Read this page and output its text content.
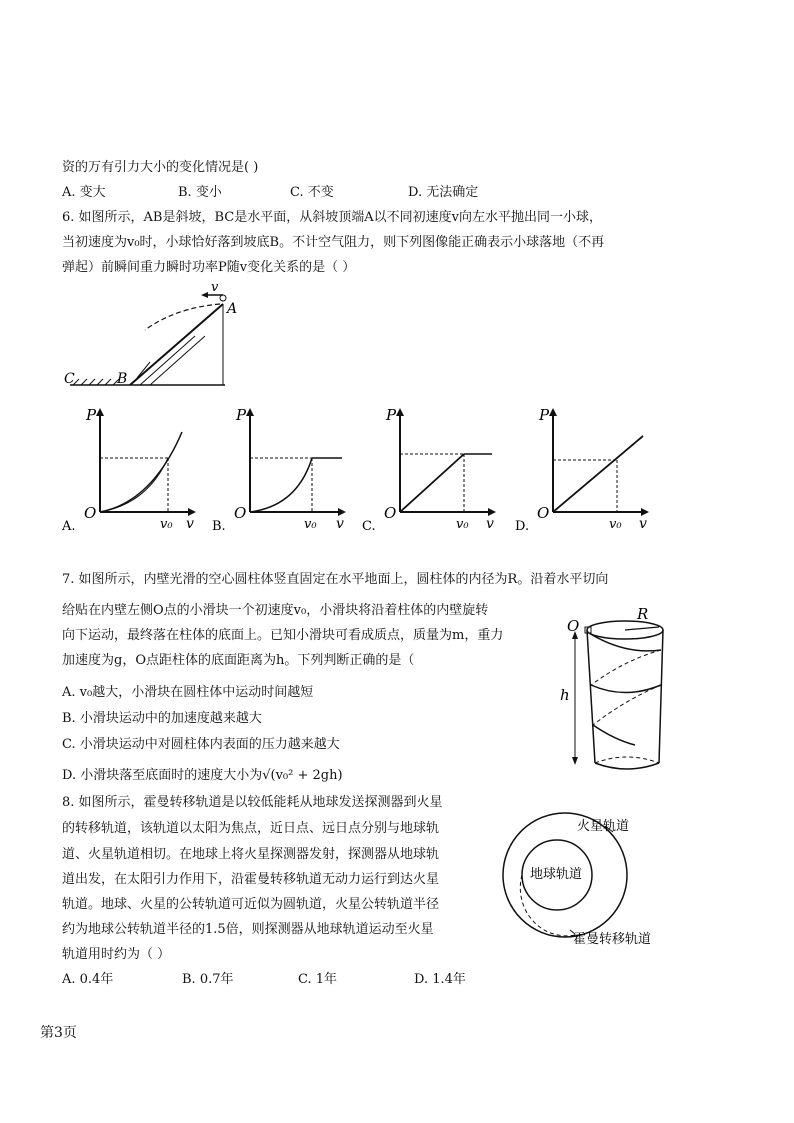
资的万有引力大小的变化情况是( )
A. 变大	B. 变小	C. 不变	D. 无法确定
6. 如图所示，AB是斜坡，BC是水平面，从斜坡顶端A以不同初速度v向左水平抛出同一小球，
当初速度为v₀时，小球恰好落到坡底B。不计空气阻力，则下列图像能正确表示小球落地（不再
弹起）前瞬间重力瞬时功率P随v变化关系的是（ ）
C	B
A
v
P
O
v₀ v
A.
P
O
v₀ v
B.
P
O
v₀ v
C.
P
O
v₀ v
D.
7. 如图所示，内壁光滑的空心圆柱体竖直固定在水平地面上，圆柱体的内径为R。沿着水平切向
给贴在内壁左侧O点的小滑块一个初速度v₀，小滑块将沿着柱体的内壁旋转
向下运动，最终落在柱体的底面上。已知小滑块可看成质点，质量为m，重力
加速度为g，O点距柱体的底面距离为h。下列判断正确的是（
A. v₀越大，小滑块在圆柱体中运动时间越短
B. 小滑块运动中的加速度越来越大
C. 小滑块运动中对圆柱体内表面的压力越来越大
D. 小滑块落至底面时的速度大小为√(v₀² + 2gh)
R
O
h
8. 如图所示，霍曼转移轨道是以较低能耗从地球发送探测器到火星
的转移轨道，该轨道以太阳为焦点，近日点、远日点分别与地球轨
道、火星轨道相切。在地球上将火星探测器发射，探测器从地球轨
道出发，在太阳引力作用下，沿霍曼转移轨道无动力运行到达火星
轨道。地球、火星的公转轨道可近似为圆轨道，火星公转轨道半径
约为地球公转轨道半径的1.5倍，则探测器从地球轨道运动至火星
轨道用时约为（ ）
A. 0.4年	B. 0.7年	C. 1年	D. 1.4年
火星轨道
地球轨道
霍曼转移轨道
第3页
